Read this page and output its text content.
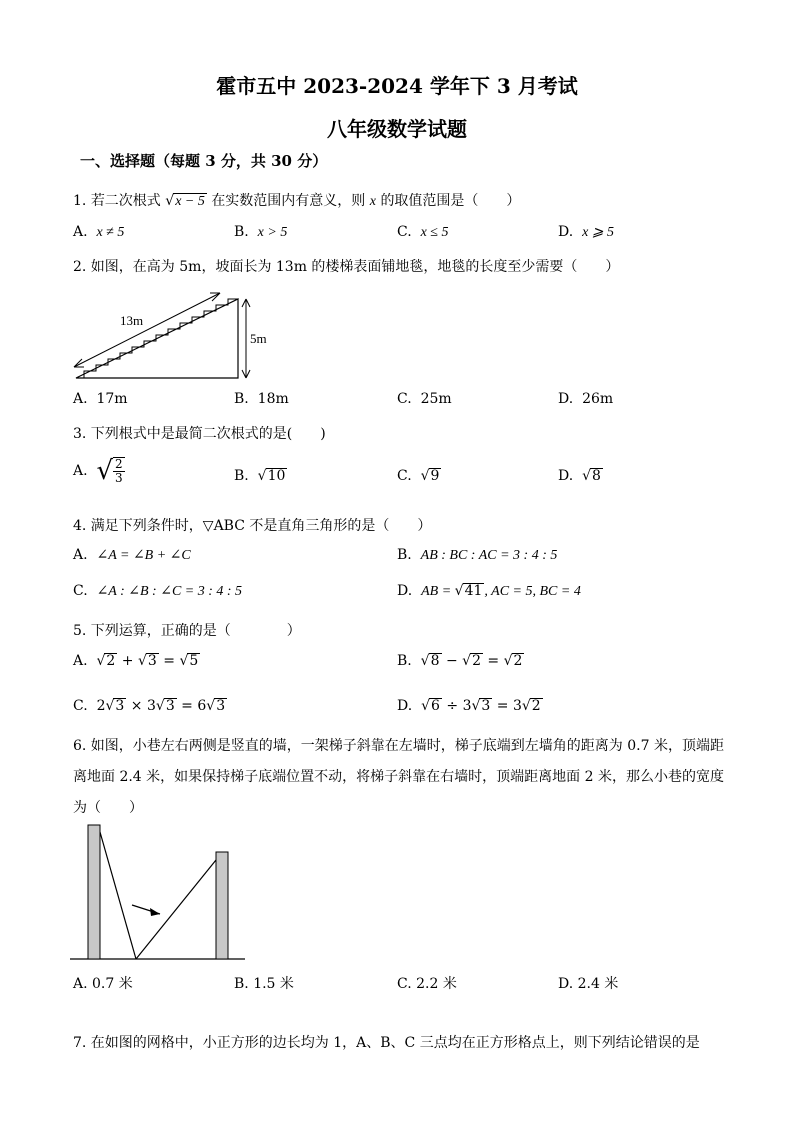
霍市五中 2023-2024 学年下 3 月考试
八年级数学试题
一、选择题（每题 3 分，共 30 分）
1. 若二次根式 √x − 5 在实数范围内有意义，则 x 的取值范围是（　　）
A. x ≠ 5	B. x > 5	C. x ≤ 5	D. x ⩾ 5
2. 如图，在高为 5m，坡面长为 13m 的楼梯表面铺地毯，地毯的长度至少需要（　　）
13m
5m
A. 17m	B. 18m	C. 25m	D. 26m
3. 下列根式中是最简二次根式的是(　　)
A. √ $\frac{2}{3}$	B.  √10	C.  √9	D.  √8
4. 满足下列条件时，▽ABC 不是直角三角形的是（　　）
A. ∠A = ∠B + ∠C	B. AB : BC : AC = 3 : 4 : 5
C. ∠A : ∠B : ∠C = 3 : 4 : 5	D. AB = √41 , AC = 5, BC = 4
5. 下列运算，正确的是（　　　　）
A.  √2 + √3 = √5	B.  √8 − √2 = √2
C. 2√3 × 3√3 = 6√3	D.  √6 ÷ 3√3 = 3√2
6. 如图，小巷左右两侧是竖直的墙，一架梯子斜靠在左墙时，梯子底端到左墙角的距离为 0.7 米，顶端距
离地面 2.4 米，如果保持梯子底端位置不动，将梯子斜靠在右墙时，顶端距离地面 2 米，那么小巷的宽度
为（　　）
A. 0.7 米	B. 1.5 米	C. 2.2 米	D. 2.4 米
7. 在如图的网格中，小正方形的边长均为 1，A、B、C 三点均在正方形格点上，则下列结论错误的是
